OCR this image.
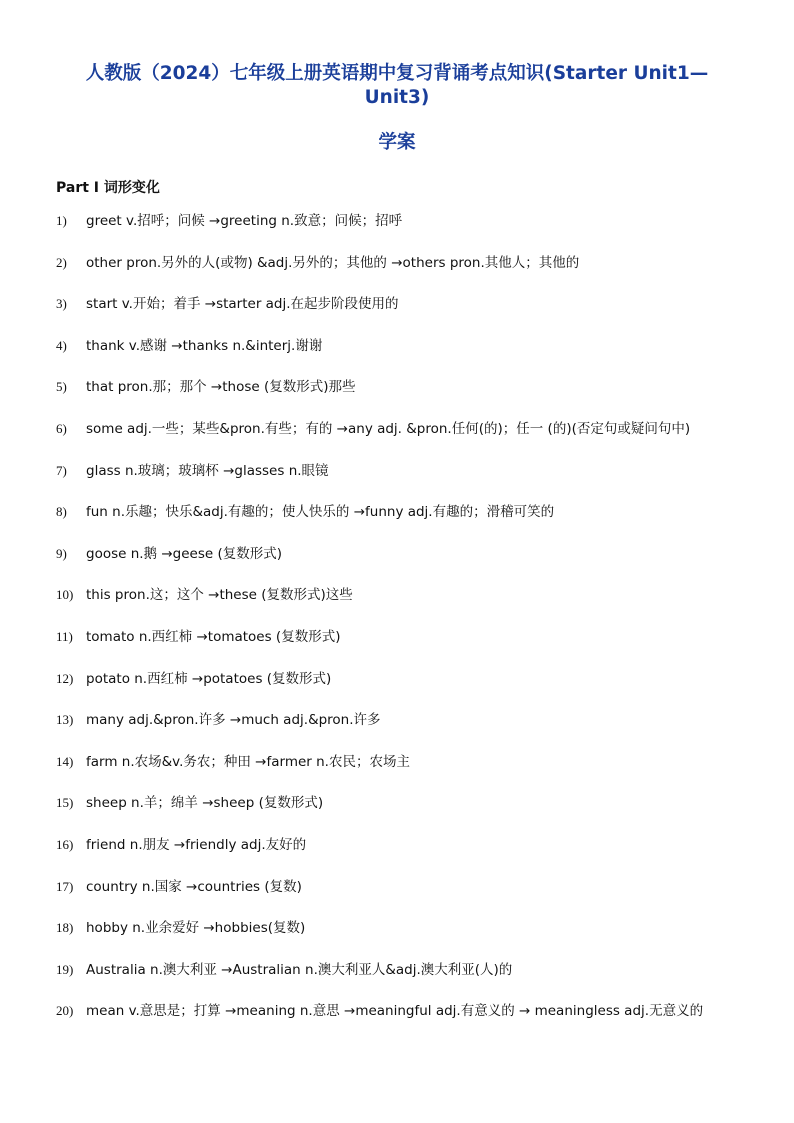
人教版（2024）七年级上册英语期中复习背诵考点知识(Starter Unit1—Unit3)
学案
Part I 词形变化
1)	greet v.招呼；问候 →greeting n.致意；问候；招呼
2)	other pron.另外的人(或物) &adj.另外的；其他的 →others pron.其他人；其他的
3)	start v.开始；着手 →starter adj.在起步阶段使用的
4)	thank v.感谢 →thanks n.&interj.谢谢
5)	that pron.那；那个 →those (复数形式)那些
6)	some adj.一些；某些&pron.有些；有的 →any adj. &pron.任何(的)；任一 (的)(否定句或疑问句中)
7)	glass n.玻璃；玻璃杯 →glasses n.眼镜
8)	fun n.乐趣；快乐&adj.有趣的；使人快乐的 →funny adj.有趣的；滑稽可笑的
9)	goose n.鹅 →geese (复数形式)
10) this pron.这；这个 →these (复数形式)这些
11) tomato n.西红柿 →tomatoes (复数形式)
12) potato n.西红柿 →potatoes (复数形式)
13) many adj.&pron.许多 →much adj.&pron.许多
14) farm n.农场&v.务农；种田 →farmer n.农民；农场主
15) sheep n.羊；绵羊 →sheep (复数形式)
16) friend n.朋友 →friendly adj.友好的
17) country n.国家 →countries (复数)
18) hobby n.业余爱好 →hobbies(复数)
19) Australia n.澳大利亚 →Australian n.澳大利亚人&adj.澳大利亚(人)的
20) mean v.意思是；打算 →meaning n.意思 →meaningful adj.有意义的 → meaningless adj.无意义的
